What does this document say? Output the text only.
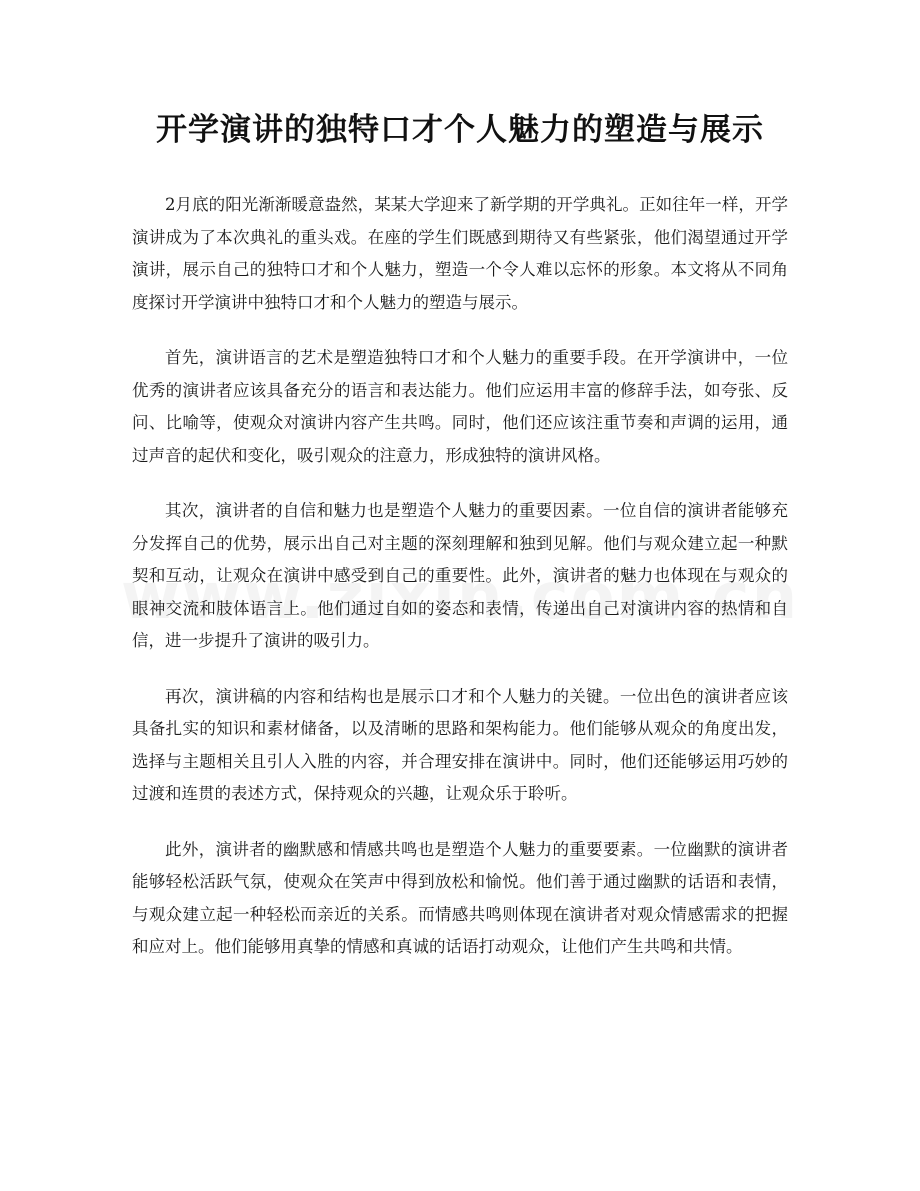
开学演讲的独特口才个人魅力的塑造与展示

2月底的阳光渐渐暖意盎然，某某大学迎来了新学期的开学典礼。正如往年一样，开学演讲成为了本次典礼的重头戏。在座的学生们既感到期待又有些紧张，他们渴望通过开学演讲，展示自己的独特口才和个人魅力，塑造一个令人难以忘怀的形象。本文将从不同角度探讨开学演讲中独特口才和个人魅力的塑造与展示。

首先，演讲语言的艺术是塑造独特口才和个人魅力的重要手段。在开学演讲中，一位优秀的演讲者应该具备充分的语言和表达能力。他们应运用丰富的修辞手法，如夸张、反问、比喻等，使观众对演讲内容产生共鸣。同时，他们还应该注重节奏和声调的运用，通过声音的起伏和变化，吸引观众的注意力，形成独特的演讲风格。

其次，演讲者的自信和魅力也是塑造个人魅力的重要因素。一位自信的演讲者能够充分发挥自己的优势，展示出自己对主题的深刻理解和独到见解。他们与观众建立起一种默契和互动，让观众在演讲中感受到自己的重要性。此外，演讲者的魅力也体现在与观众的眼神交流和肢体语言上。他们通过自如的姿态和表情，传递出自己对演讲内容的热情和自信，进一步提升了演讲的吸引力。

再次，演讲稿的内容和结构也是展示口才和个人魅力的关键。一位出色的演讲者应该具备扎实的知识和素材储备，以及清晰的思路和架构能力。他们能够从观众的角度出发，选择与主题相关且引人入胜的内容，并合理安排在演讲中。同时，他们还能够运用巧妙的过渡和连贯的表述方式，保持观众的兴趣，让观众乐于聆听。

此外，演讲者的幽默感和情感共鸣也是塑造个人魅力的重要要素。一位幽默的演讲者能够轻松活跃气氛，使观众在笑声中得到放松和愉悦。他们善于通过幽默的话语和表情，与观众建立起一种轻松而亲近的关系。而情感共鸣则体现在演讲者对观众情感需求的把握和应对上。他们能够用真挚的情感和真诚的话语打动观众，让他们产生共鸣和共情。
